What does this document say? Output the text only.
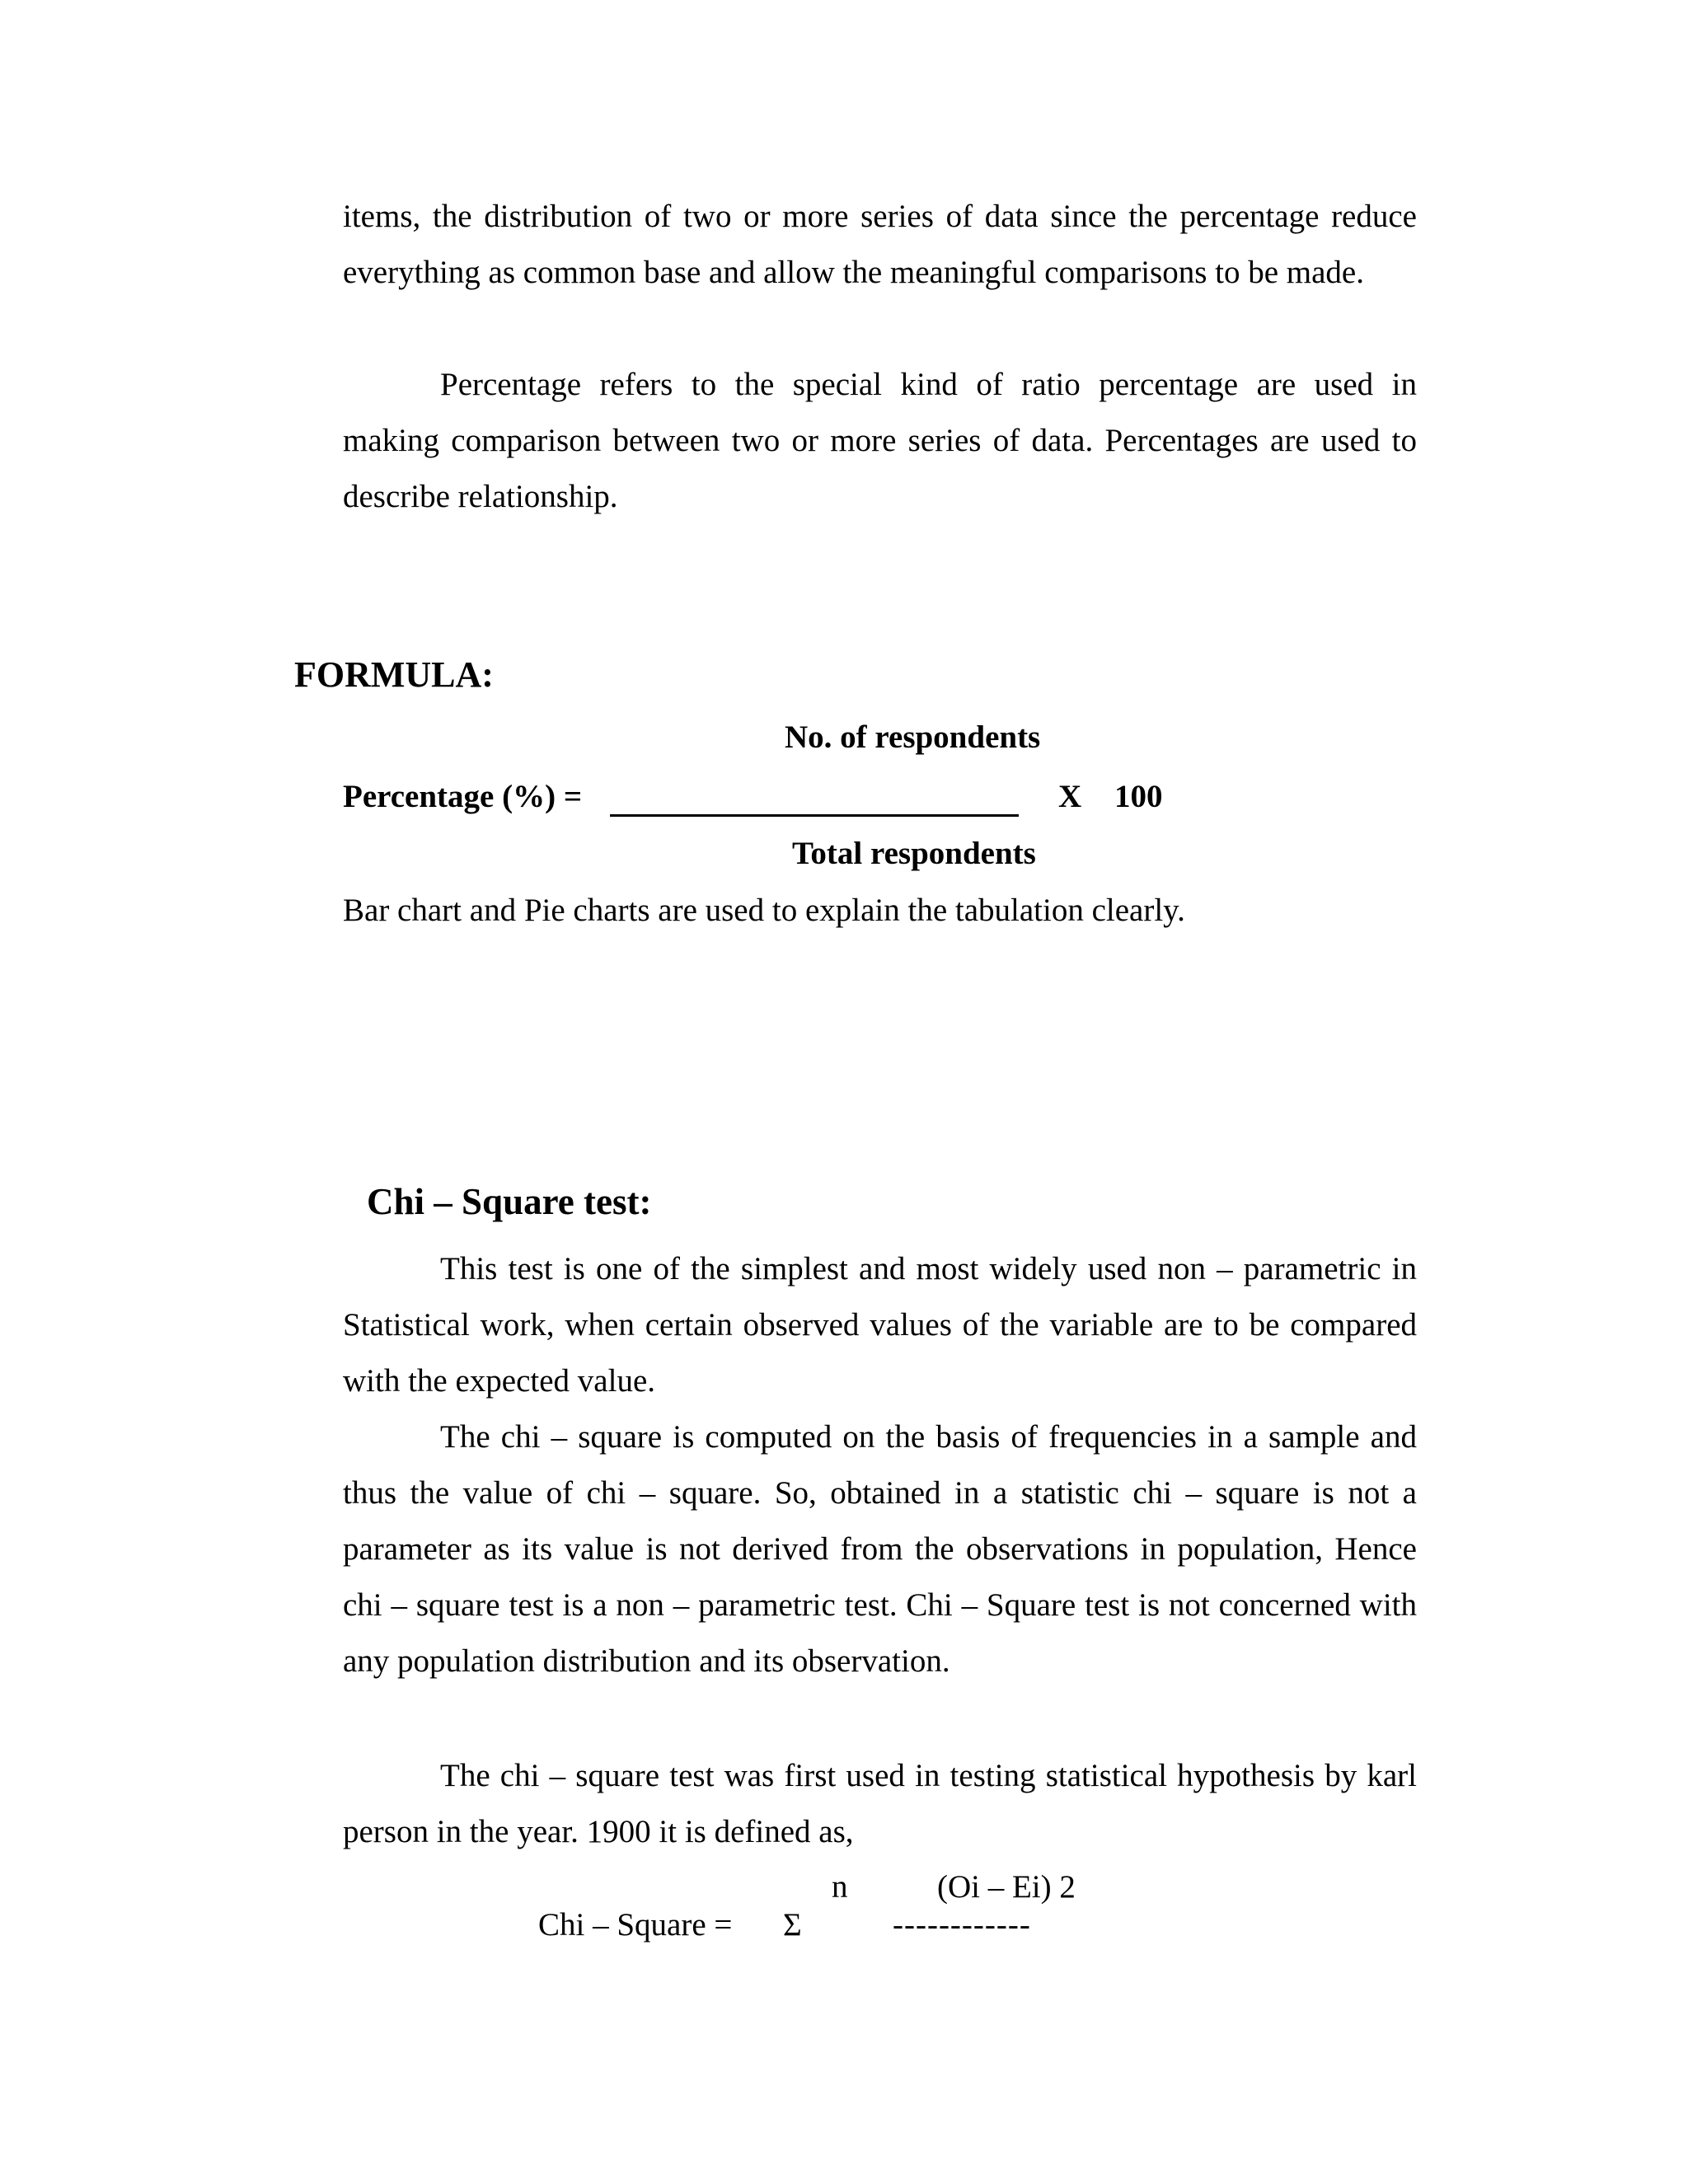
items, the distribution of two or more series of data since the percentage reduce
everything as common base and allow the meaningful comparisons to be made.
Percentage refers to the special kind of ratio percentage are used in
making comparison between two or more series of data. Percentages are used to
describe relationship.
FORMULA:
No. of respondents
Percentage (%) =	X 100
Total respondents
Bar chart and Pie charts are used to explain the tabulation clearly.
Chi – Square test:
This test is one of the simplest and most widely used non – parametric in
Statistical work, when certain observed values of the variable are to be compared
with the expected value.
The chi – square is computed on the basis of frequencies in a sample and
thus the value of chi – square. So, obtained in a statistic chi – square is not a
parameter as its value is not derived from the observations in population, Hence
chi – square test is a non – parametric test. Chi – Square test is not concerned with
any population distribution and its observation.
The chi – square test was first used in testing statistical hypothesis by karl
person in the year. 1900 it is defined as,
n	(Oi – Ei) 2
Chi – Square = Σ	------------
